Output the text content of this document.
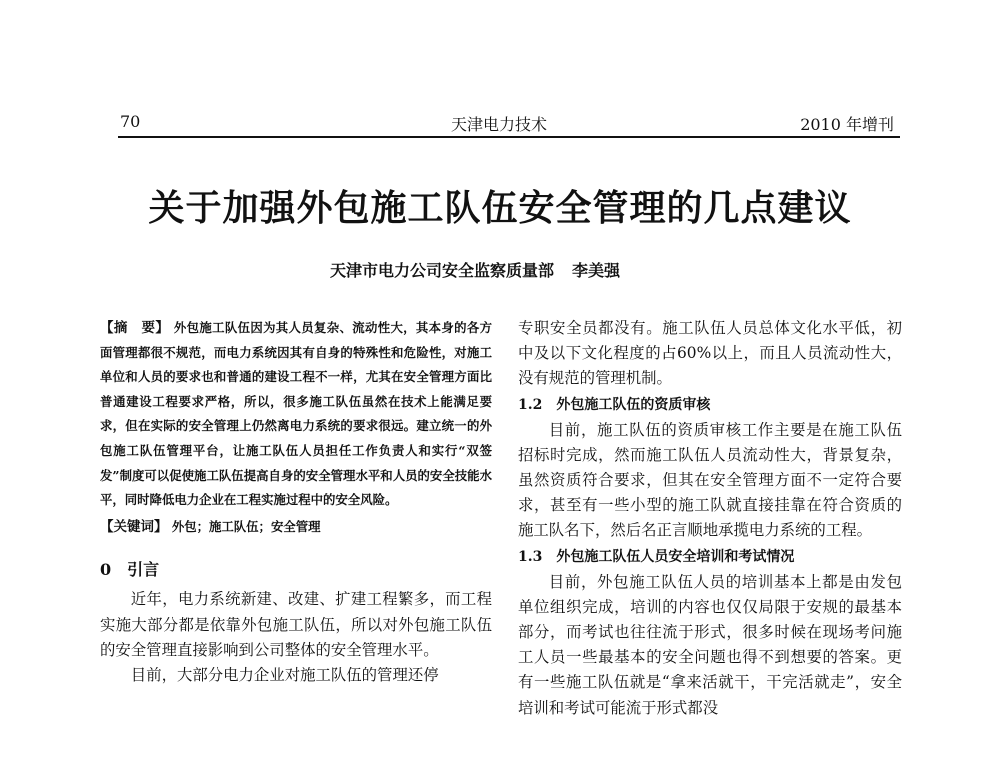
70	天津电力技术	2010 年增刊
关于加强外包施工队伍安全管理的几点建议
天津市电力公司安全监察质量部 李美强

【摘　要】 外包施工队伍因为其人员复杂、流动性大，其本身的各方面管理都很不规范，而电力系统因其有自身的特殊性和危险性，对施工单位和人员的要求也和普通的建设工程不一样，尤其在安全管理方面比普通建设工程要求严格，所以，很多施工队伍虽然在技术上能满足要求，但在实际的安全管理上仍然离电力系统的要求很远。建立统一的外包施工队伍管理平台，让施工队伍人员担任工作负责人和实行“双签发”制度可以促使施工队伍提高自身的安全管理水平和人员的安全技能水平，同时降低电力企业在工程实施过程中的安全风险。

【关键词】 外包；施工队伍；安全管理

0　引言

近年，电力系统新建、改建、扩建工程繁多，而工程实施大部分都是依靠外包施工队伍，所以对外包施工队伍的安全管理直接影响到公司整体的安全管理水平。

目前，大部分电力企业对施工队伍的管理还停

专职安全员都没有。施工队伍人员总体文化水平低，初中及以下文化程度的占60%以上，而且人员流动性大，没有规范的管理机制。

1.2　外包施工队伍的资质审核

目前，施工队伍的资质审核工作主要是在施工队伍招标时完成，然而施工队伍人员流动性大，背景复杂，虽然资质符合要求，但其在安全管理方面不一定符合要求，甚至有一些小型的施工队就直接挂靠在符合资质的施工队名下，然后名正言顺地承揽电力系统的工程。

1.3　外包施工队伍人员安全培训和考试情况

目前，外包施工队伍人员的培训基本上都是由发包单位组织完成，培训的内容也仅仅局限于安规的最基本部分，而考试也往往流于形式，很多时候在现场考问施工人员一些最基本的安全问题也得不到想要的答案。更有一些施工队伍就是“拿来活就干，干完活就走”，安全培训和考试可能流于形式都没
